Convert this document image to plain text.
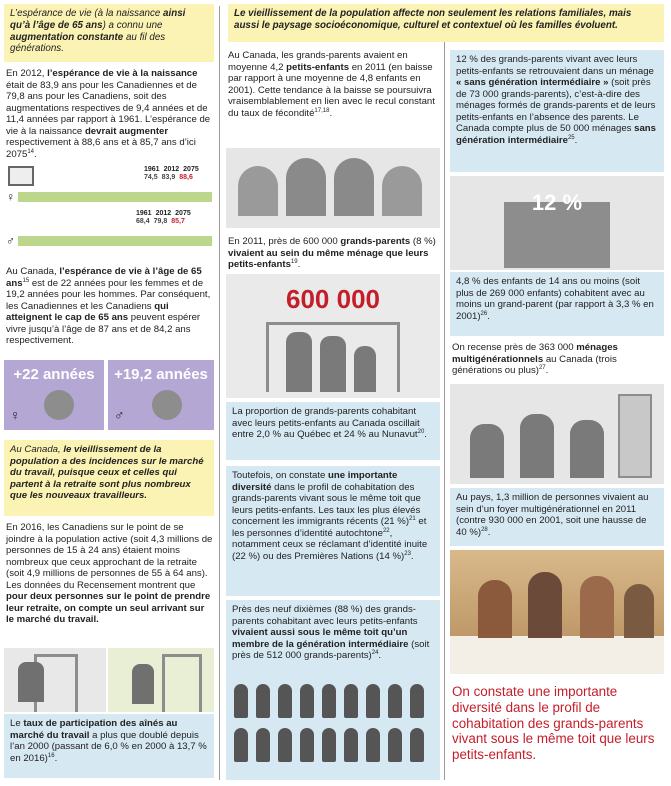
L’espérance de vie (à la naissance ainsi qu’à l’âge de 65 ans) a connu une augmentation constante au fil des générations.
En 2012, l’espérance de vie à la naissance était de 83,9 ans pour les Canadiennes et de 79,8 ans pour les Canadiens, soit des augmentations respectives de 9,4 années et de 11,4 années par rapport à 1961. L’espérance de vie à la naissance devrait augmenter respectivement à 88,6 ans et à 85,7 ans d’ici 2075$^{14}$.
1961 2012 2075
74,5 83,9 88,6
♀
1961 2012 2075
68,4 79,8 85,7
♂
Au Canada, l’espérance de vie à l’âge de 65 ans$^{15}$ est de 22 années pour les femmes et de 19,2 années pour les hommes. Par conséquent, les Canadiennes et les Canadiens qui atteignent le cap de 65 ans peuvent espérer vivre jusqu’à l’âge de 87 ans et de 84,2 ans respectivement.
+22 années
♀
+19,2 années
♂
Au Canada, le vieillissement de la population a des incidences sur le marché du travail, puisque ceux et celles qui partent à la retraite sont plus nombreux que les nouveaux travailleurs.
En 2016, les Canadiens sur le point de se joindre à la population active (soit 4,3 millions de personnes de 15 à 24 ans) étaient moins nombreux que ceux approchant de la retraite (soit 4,9 millions de personnes de 55 à 64 ans). Les données du Recensement montrent que pour deux personnes sur le point de prendre leur retraite, on compte un seul arrivant sur le marché du travail.
Le taux de participation des aînés au marché du travail a plus que doublé depuis l’an 2000 (passant de 6,0 % en 2000 à 13,7 % en 2016)$^{16}$.
Le vieillissement de la population affecte non seulement les relations familiales, mais aussi le paysage socioéconomique, culturel et contextuel où les familles évoluent.
Au Canada, les grands-parents avaient en moyenne 4,2 petits-enfants en 2011 (en baisse par rapport à une moyenne de 4,8 enfants en 2001). Cette tendance à la baisse se poursuivra vraisemblablement en lien avec le recul constant du taux de fécondité$^{17,18}$.
En 2011, près de 600 000 grands-parents (8 %) vivaient au sein du même ménage que leurs petits-enfants$^{19}$.
600 000
La proportion de grands-parents cohabitant avec leurs petits-enfants au Canada oscillait entre 2,0 % au Québec et 24 % au Nunavut$^{20}$.
Toutefois, on constate une importante diversité dans le profil de cohabitation des grands-parents vivant sous le même toit que leurs petits-enfants. Les taux les plus élevés concernent les immigrants récents (21 %)$^{21}$ et les personnes d’identité autochtone$^{22}$, notamment ceux se réclamant d’identité inuite (22 %) ou des Premières Nations (14 %)$^{23}$.
Près des neuf dixièmes (88 %) des grands-parents cohabitant avec leurs petits-enfants vivaient aussi sous le même toit qu’un membre de la génération intermédiaire (soit près de 512 000 grands-parents)$^{24}$.
12 % des grands-parents vivant avec leurs petits-enfants se retrouvaient dans un ménage « sans génération intermédiaire » (soit près de 73 000 grands-parents), c’est-à-dire des ménages formés de grands-parents et de leurs petits-enfants en l’absence des parents. Le Canada compte plus de 50 000 ménages sans génération intermédiaire$^{25}$.
12 %
4,8 % des enfants de 14 ans ou moins (soit plus de 269 000 enfants) cohabitent avec au moins un grand-parent (par rapport à 3,3 % en 2001)$^{26}$.
On recense près de 363 000 ménages multigénérationnels au Canada (trois générations ou plus)$^{27}$.
Au pays, 1,3 million de personnes vivaient au sein d’un foyer multigénérationnel en 2011 (contre 930 000 en 2001, soit une hausse de 40 %)$^{28}$.
On constate une importante diversité dans le profil de cohabitation des grands-parents vivant sous le même toit que leurs petits-enfants.
